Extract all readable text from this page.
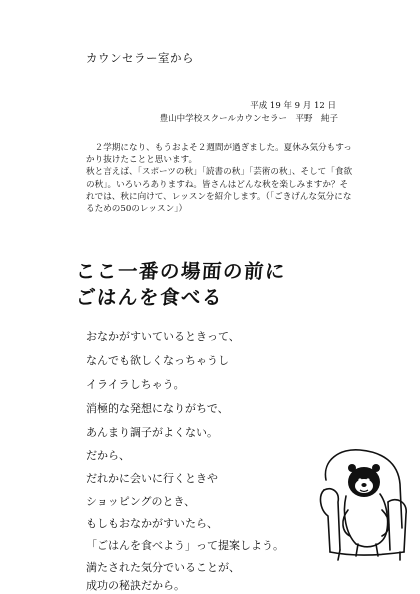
カウンセラー室から
平成 19 年 9 月 12 日
豊山中学校スクールカウンセラー　平野　純子

２学期になり、もうおよそ２週間が過ぎました。夏休み気分もすっかり抜けたことと思います。

秋と言えば、「スポーツの秋」「読書の秋」「芸術の秋」、そして「食欲の秋」。いろいろありますね。皆さんはどんな秋を楽しみますか？それでは、秋に向けて、レッスンを紹介します。（「ごきげんな気分になるための50のレッスン」）

ここ一番の場面の前に
ごはんを食べる
おなかがすいているときって、
なんでも欲しくなっちゃうし
イライラしちゃう。
消極的な発想になりがちで、
あんまり調子がよくない。
だから、
だれかに会いに行くときや
ショッピングのとき、
もしもおなかがすいたら、
「ごはんを食べよう」って提案しよう。
満たされた気分でいることが、
成功の秘訣だから。
